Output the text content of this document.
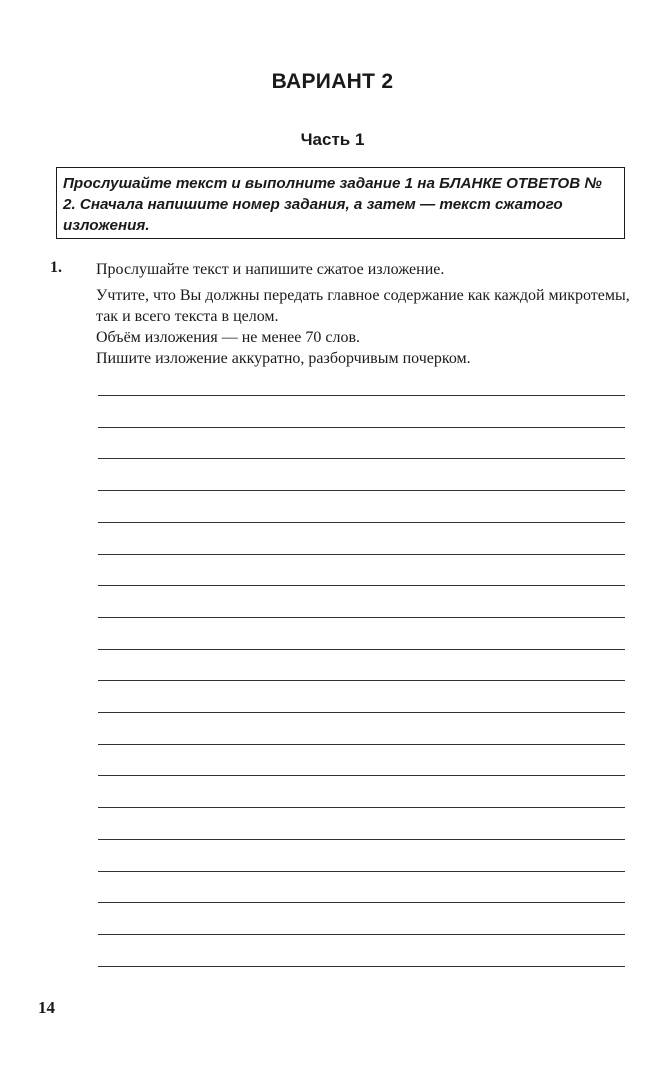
ВАРИАНТ 2
Часть 1
Прослушайте текст и выполните задание 1 на БЛАНКЕ ОТВЕТОВ № 2. Сначала напишите номер задания, а затем — текст сжатого изложения.
1. Прослушайте текст и напишите сжатое изложение.
Учтите, что Вы должны передать главное содержание как каждой микротемы, так и всего текста в целом.
Объём изложения — не менее 70 слов.
Пишите изложение аккуратно, разборчивым почерком.
14
